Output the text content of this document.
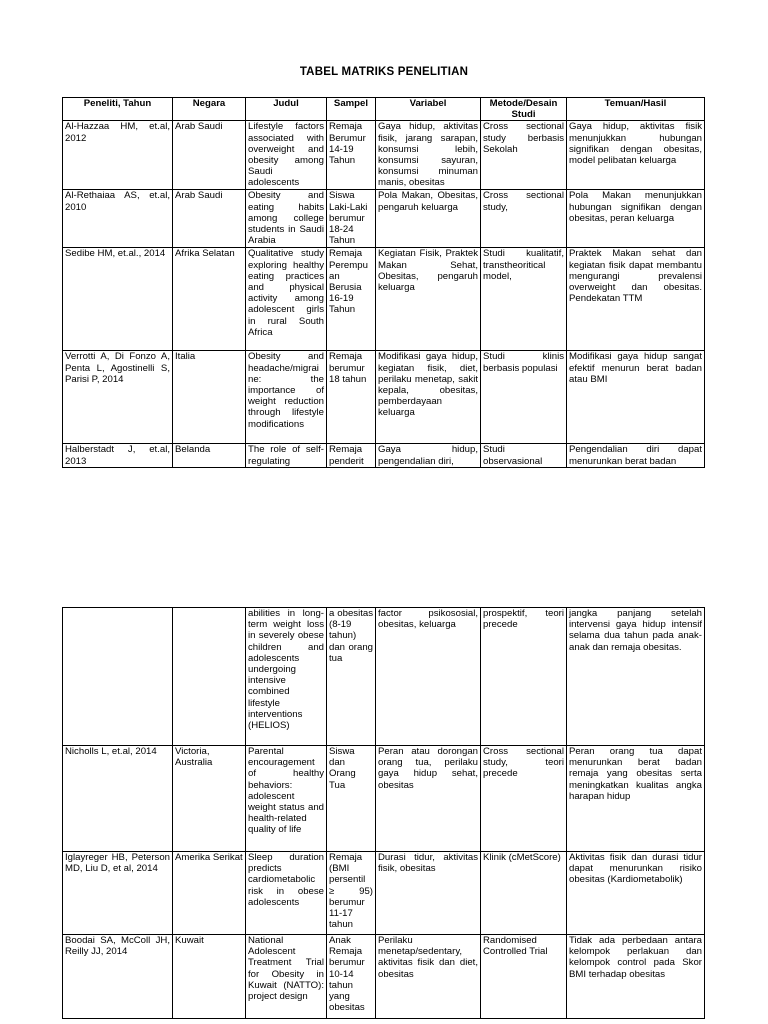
TABEL MATRIKS PENELITIAN
Peneliti, Tahun	Negara	Judul	Sampel	Variabel	Metode/Desain Studi	Temuan/Hasil
Al-Hazzaa HM, et.al, 2012	Arab Saudi	Lifestyle factors associated with overweight and obesity among Saudi adolescents	Remaja Berumur 14-19 Tahun	Gaya hidup, aktivitas fisik, jarang sarapan, konsumsi lebih, konsumsi sayuran, konsumsi minuman manis, obesitas	Cross sectional study berbasis Sekolah	Gaya hidup, aktivitas fisik menunjukkan hubungan signifikan dengan obesitas, model pelibatan keluarga
Al-Rethaiaa AS, et.al, 2010	Arab Saudi	Obesity and eating habits among college students in Saudi Arabia	Siswa Laki-Laki berumur 18-24 Tahun	Pola Makan, Obesitas, pengaruh keluarga	Cross sectional study,	Pola Makan menunjukkan hubungan signifikan dengan obesitas, peran keluarga
Sedibe HM, et.al., 2014	Afrika Selatan	Qualitative study exploring healthy eating practices and physical activity among adolescent girls in rural South Africa	Remaja Perempuan Berusia 16-19 Tahun	Kegiatan Fisik, Praktek Makan Sehat, Obesitas, pengaruh keluarga	Studi kualitatif, transtheoritical model,	Praktek Makan sehat dan kegiatan fisik dapat membantu mengurangi prevalensi overweight dan obesitas. Pendekatan TTM
Verrotti A, Di Fonzo A, Penta L, Agostinelli S, Parisi P, 2014	Italia	Obesity and headache/migraine: the importance of weight reduction through lifestyle modifications	Remaja berumur 18 tahun	Modifikasi gaya hidup, kegiatan fisik, diet, perilaku menetap, sakit kepala, obesitas, pemberdayaan keluarga	Studi klinis berbasis populasi	Modifikasi gaya hidup sangat efektif menurun berat badan atau BMI
Halberstadt J, et.al, 2013	Belanda	The role of self-regulating	Remaja penderit	Gaya hidup, pengendalian diri,	Studi observasional	Pengendalian diri dapat menurunkan berat badan
		abilities in long-term weight loss in severely obese children and adolescents undergoing intensive combined lifestyle interventions (HELIOS)	a obesitas (8-19 tahun) dan orang tua	factor psikososial, obesitas, keluarga	prospektif, teori precede	jangka panjang setelah intervensi gaya hidup intensif selama dua tahun pada anak-anak dan remaja obesitas.
Nicholls L, et.al, 2014	Victoria, Australia	Parental encouragement of healthy behaviors: adolescent weight status and health-related quality of life	Siswa dan Orang Tua	Peran atau dorongan orang tua, perilaku gaya hidup sehat, obesitas	Cross sectional study, teori precede	Peran orang tua dapat menurunkan berat badan remaja yang obesitas serta meningkatkan kualitas angka harapan hidup
Iglayreger HB, Peterson MD, Liu D, et al, 2014	Amerika Serikat	Sleep duration predicts cardiometabolic risk in obese adolescents	Remaja (BMI persentil ≥ 95) berumur 11-17 tahun	Durasi tidur, aktivitas fisik, obesitas	Klinik (cMetScore)	Aktivitas fisik dan durasi tidur dapat menurunkan risiko obesitas (Kardiometabolik)
Boodai SA, McColl JH, Reilly JJ, 2014	Kuwait	National Adolescent Treatment Trial for Obesity in Kuwait (NATTO): project design	Anak Remaja berumur 10-14 tahun yang obesitas	Perilaku menetap/sedentary, aktivitas fisik dan diet, obesitas	Randomised Controlled Trial	Tidak ada perbedaan antara kelompok perlakuan dan kelompok control pada Skor BMI terhadap obesitas
